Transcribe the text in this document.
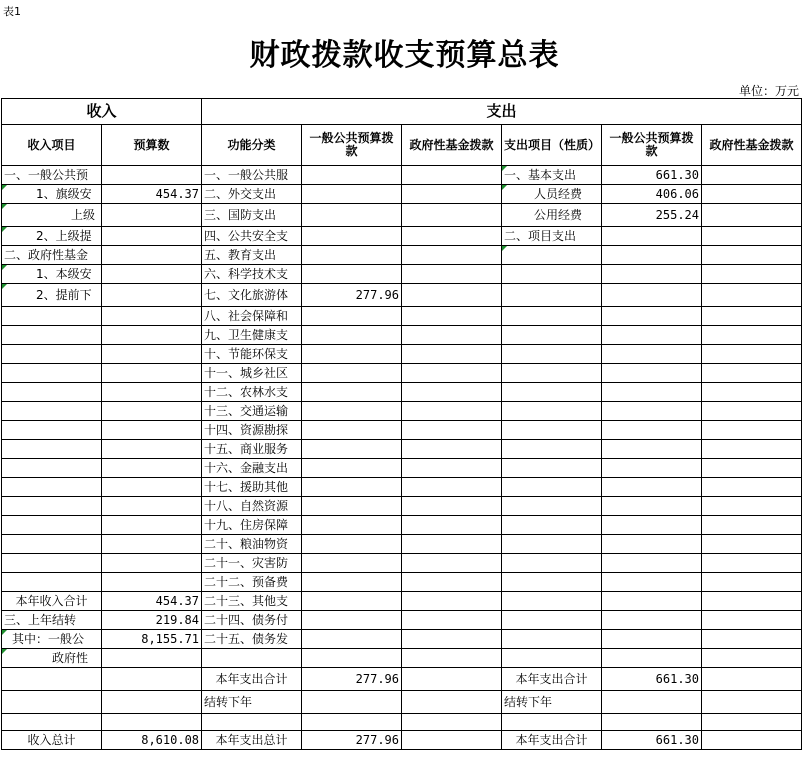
表1
财政拨款收支预算总表
单位：万元
收入		支出					
收入项目	预算数	功能分类	一般公共预算拨款	政府性基金拨款	支出项目（性质）	一般公共预算拨款	政府性基金拨款
一、一般公共预		一、一般公共服			一、基本支出	661.30	
1、旗级安	454.37	二、外交支出			人员经费	406.06	
上级		三、国防支出			公用经费	255.24	
2、上级提		四、公共安全支			二、项目支出		
二、政府性基金		五、教育支出					
1、本级安		六、科学技术支					
2、提前下		七、文化旅游体	277.96				
		八、社会保障和					
		九、卫生健康支					
		十、节能环保支					
		十一、城乡社区					
		十二、农林水支					
		十三、交通运输					
		十四、资源勘探					
		十五、商业服务					
		十六、金融支出					
		十七、援助其他					
		十八、自然资源					
		十九、住房保障					
		二十、粮油物资					
		二十一、灾害防					
		二十二、预备费					
本年收入合计	454.37	二十三、其他支					
三、上年结转	219.84	二十四、债务付					
其中：一般公	8,155.71	二十五、债务发					
政府性							
		本年支出合计	277.96		本年支出合计	661.30	
		结转下年			结转下年		

收入总计	8,610.08	本年支出总计	277.96		本年支出合计	661.30	
